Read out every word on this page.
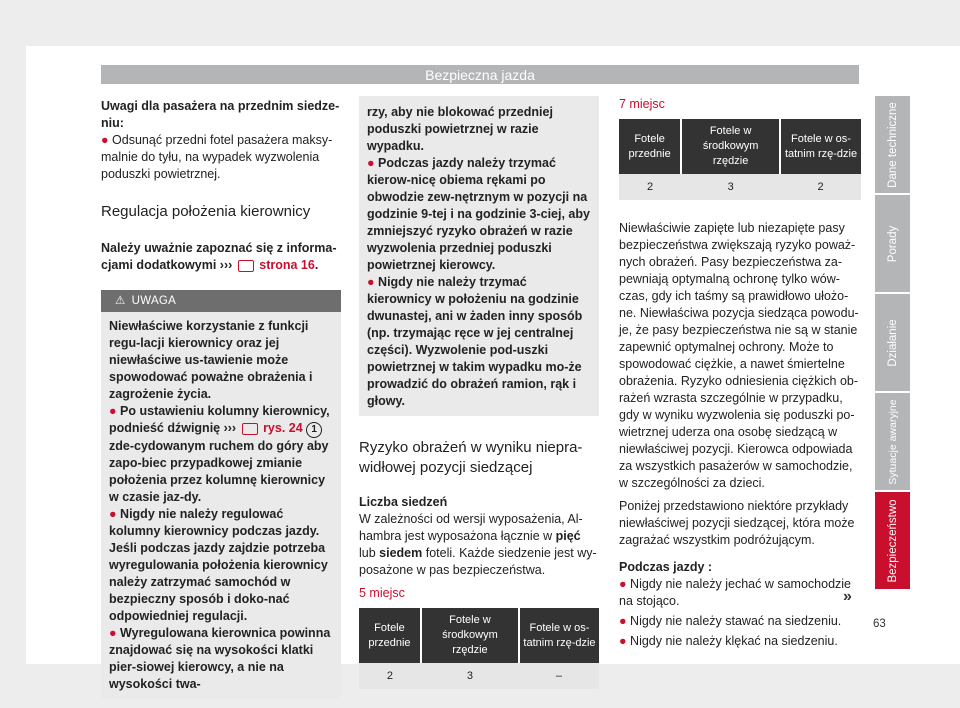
Bezpieczna jazda

Uwagi dla pasażera na przednim siedze-niu:

● Odsunąć przedni fotel pasażera maksy-malnie do tyłu, na wypadek wyzwolenia poduszki powietrznej.

Regulacja położenia kierownicy

Należy uważnie zapoznać się z informa-cjami dodatkowymi ››› strona 16.

⚠ UWAGA

Niewłaściwe korzystanie z funkcji regu-lacji kierownicy oraz jej niewłaściwe us-tawienie może spowodować poważne obrażenia i zagrożenie życia.

● Po ustawieniu kolumny kierownicy, podnieść dźwignię ››› rys. 24 1 zde-cydowanym ruchem do góry aby zapo-biec przypadkowej zmianie położenia przez kolumnę kierownicy w czasie jaz-dy.

● Nigdy nie należy regulować kolumny kierownicy podczas jazdy. Jeśli podczas jazdy zajdzie potrzeba wyregulowania położenia kierownicy należy zatrzymać samochód w bezpieczny sposób i doko-nać odpowiedniej regulacji.

● Wyregulowana kierownica powinna znajdować się na wysokości klatki pier-siowej kierowcy, a nie na wysokości twa-

rzy, aby nie blokować przedniej poduszki powietrznej w razie wypadku.

● Podczas jazdy należy trzymać kierow-nicę obiema rękami po obwodzie zew-nętrznym w pozycji na godzinie 9-tej i na godzinie 3-ciej, aby zmniejszyć ryzyko obrażeń w razie wyzwolenia przedniej poduszki powietrznej kierowcy.

● Nigdy nie należy trzymać kierownicy w położeniu na godzinie dwunastej, ani w żaden inny sposób (np. trzymając ręce w jej centralnej części). Wyzwolenie pod-uszki powietrznej w takim wypadku mo-że prowadzić do obrażeń ramion, rąk i głowy.

Ryzyko obrażeń w wyniku niepra-widłowej pozycji siedzącej

Liczba siedzeń

W zależności od wersji wyposażenia, Al-hambra jest wyposażona łącznie w pięć lub siedem foteli. Każde siedzenie jest wy-posażone w pas bezpieczeństwa.

5 miejsc

Fotele przednie	Fotele w środkowym rzędzie	Fotele w os-tatnim rzę-dzie
2	3	–

7 miejsc

Fotele przednie	Fotele w środkowym rzędzie	Fotele w os-tatnim rzę-dzie
2	3	2

Niewłaściwie zapięte lub niezapięte pasy bezpieczeństwa zwiększają ryzyko poważ-nych obrażeń. Pasy bezpieczeństwa za-pewniają optymalną ochronę tylko wów-czas, gdy ich taśmy są prawidłowo ułożo-ne. Niewłaściwa pozycja siedząca powodu-je, że pasy bezpieczeństwa nie są w stanie zapewnić optymalnej ochrony. Może to spowodować ciężkie, a nawet śmiertelne obrażenia. Ryzyko odniesienia ciężkich ob-rażeń wzrasta szczególnie w przypadku, gdy w wyniku wyzwolenia się poduszki po-wietrznej uderza ona osobę siedzącą w niewłaściwej pozycji. Kierowca odpowiada za wszystkich pasażerów w samochodzie, w szczególności za dzieci.

Poniżej przedstawiono niektóre przykłady niewłaściwej pozycji siedzącej, która może zagrażać wszystkim podróżującym.

Podczas jazdy :

● Nigdy nie należy jechać w samochodzie na stojąco.

● Nigdy nie należy stawać na siedzeniu.

● Nigdy nie należy klękać na siedzeniu.

»
Dane techniczne
Porady
Działanie
Sytuacje awaryjne
Bezpieczeństwo
63
